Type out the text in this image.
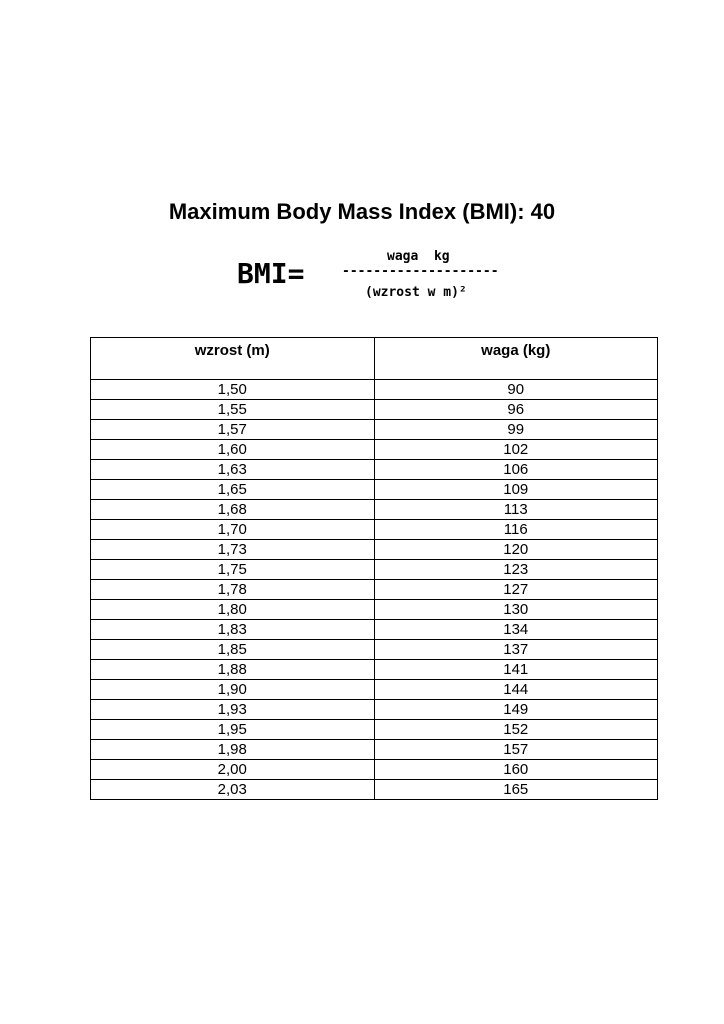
Maximum Body Mass Index (BMI): 40
BMI=
waga  kg
--------------------
(wzrost w m)²
wzrost (m)	waga (kg)
1,50	90
1,55	96
1,57	99
1,60	102
1,63	106
1,65	109
1,68	113
1,70	116
1,73	120
1,75	123
1,78	127
1,80	130
1,83	134
1,85	137
1,88	141
1,90	144
1,93	149
1,95	152
1,98	157
2,00	160
2,03	165
